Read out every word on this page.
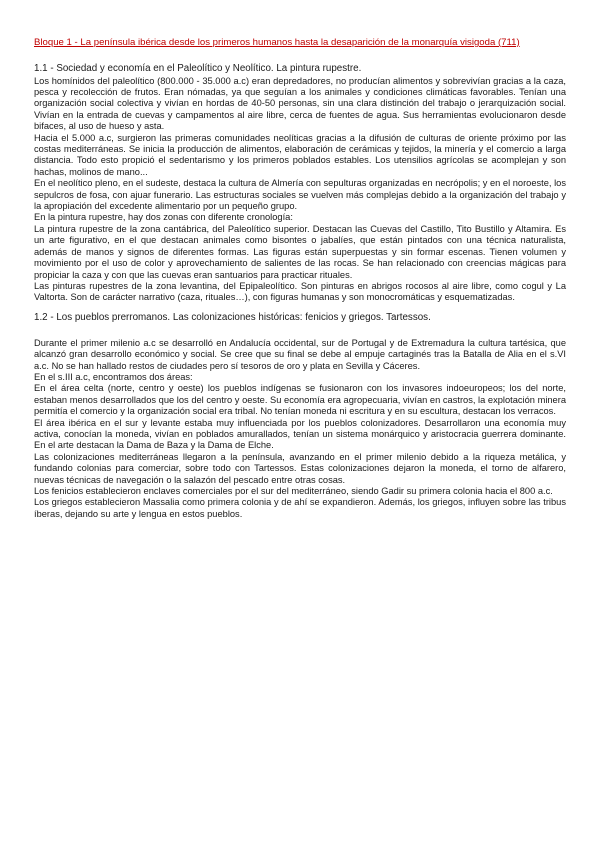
Bloque 1 - La península ibérica desde los primeros humanos hasta la desaparición de la monarquía visigoda (711)
1.1 - Sociedad y economía en el Paleolítico y Neolítico. La pintura rupestre.

Los homínidos del paleolítico (800.000 - 35.000 a.c) eran depredadores, no producían alimentos y sobrevivían gracias a la caza, pesca y recolección de frutos. Eran nómadas, ya que seguían a los animales y condiciones climáticas favorables. Tenían una organización social colectiva y vivían en hordas de 40-50 personas, sin una clara distinción del trabajo o jerarquización social. Vivían en la entrada de cuevas y campamentos al aire libre, cerca de fuentes de agua. Sus herramientas evolucionaron desde bifaces, al uso de hueso y asta.

Hacia el 5.000 a.c, surgieron las primeras comunidades neolíticas gracias a la difusión de culturas de oriente próximo por las costas mediterráneas. Se inicia la producción de alimentos, elaboración de cerámicas y tejidos, la minería y el comercio a larga distancia. Todo esto propició el sedentarismo y los primeros poblados estables. Los utensilios agrícolas se acomplejan y son hachas, molinos de mano...

En el neolítico pleno, en el sudeste, destaca la cultura de Almería con sepulturas organizadas en necrópolis; y en el noroeste, los sepulcros de fosa, con ajuar funerario. Las estructuras sociales se vuelven más complejas debido a la organización del trabajo y la apropiación del excedente alimentario por un pequeño grupo.

En la pintura rupestre, hay dos zonas con diferente cronología:

La pintura rupestre de la zona cantábrica, del Paleolítico superior. Destacan las Cuevas del Castillo, Tito Bustillo y Altamira. Es un arte figurativo, en el que destacan animales como bisontes o jabalíes, que están pintados con una técnica naturalista, además de manos y signos de diferentes formas. Las figuras están superpuestas y sin formar escenas. Tienen volumen y movimiento por el uso de color y aprovechamiento de salientes de las rocas. Se han relacionado con creencias mágicas para propiciar la caza y con que las cuevas eran santuarios para practicar rituales.

Las pinturas rupestres de la zona levantina, del Epipaleolítico. Son pinturas en abrigos rocosos al aire libre, como cogul y La Valtorta. Son de carácter narrativo (caza, rituales…), con figuras humanas y son monocromáticas y esquematizadas.

1.2 - Los pueblos prerromanos. Las colonizaciones históricas: fenicios y griegos. Tartessos.

Durante el primer milenio a.c se desarrolló en Andalucía occidental, sur de Portugal y de Extremadura la cultura tartésica, que alcanzó gran desarrollo económico y social. Se cree que su final se debe al empuje cartaginés tras la Batalla de Alia en el s.VI a.c. No se han hallado restos de ciudades pero sí tesoros de oro y plata en Sevilla y Cáceres.

En el s.III a.c, encontramos dos áreas:

En el área celta (norte, centro y oeste) los pueblos indígenas se fusionaron con los invasores indoeuropeos; los del norte, estaban menos desarrollados que los del centro y oeste. Su economía era agropecuaria, vivían en castros, la explotación minera permitía el comercio y la organización social era tribal. No tenían moneda ni escritura y en su escultura, destacan los verracos.

El área ibérica en el sur y levante estaba muy influenciada por los pueblos colonizadores. Desarrollaron una economía muy activa, conocían la moneda, vivían en poblados amurallados, tenían un sistema monárquico y aristocracia guerrera dominante. En el arte destacan la Dama de Baza y la Dama de Elche.

Las colonizaciones mediterráneas llegaron a la península, avanzando en el primer milenio debido a la riqueza metálica, y fundando colonias para comerciar, sobre todo con Tartessos. Estas colonizaciones dejaron la moneda, el torno de alfarero, nuevas técnicas de navegación o la salazón del pescado entre otras cosas.

Los fenicios establecieron enclaves comerciales por el sur del mediterráneo, siendo Gadir su primera colonia hacia el 800 a.c.

Los griegos establecieron Massalia como primera colonia y de ahí se expandieron. Además, los griegos, influyen sobre las tribus íberas, dejando su arte y lengua en estos pueblos.
